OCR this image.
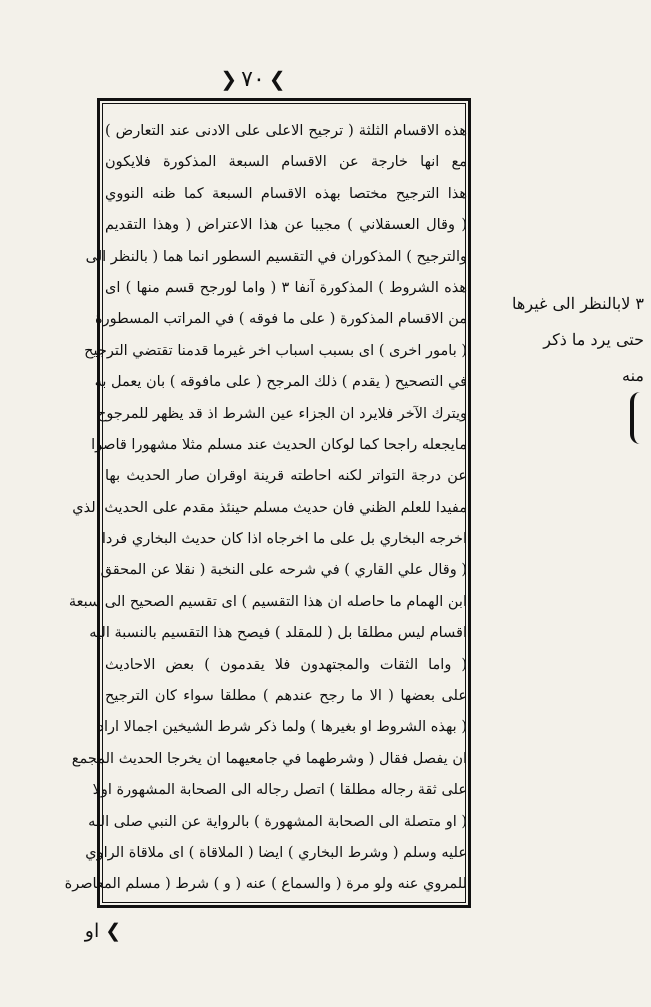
❯٧٠❮
هذه الاقسام الثلثة ( ترجيح الاعلى على الادنى عند التعارض )
مع انها خارجة عن الاقسام السبعة المذكورة فلايكون
هذا الترجيح مختصا بهذه الاقسام السبعة كما ظنه النووي
( وقال العسقلاني ) مجيبا عن هذا الاعتراض ( وهذا التقديم
والترجيح ) المذكوران في التقسيم السطور انما هما ( بالنظر الى
هذه الشروط ) المذكورة آنفا ٣ ( واما لورجح قسم منها ) اى
من الاقسام المذكورة ( على ما فوقه ) في المراتب المسطورة
( بامور اخرى ) اى بسبب اسباب اخر غيرما قدمنا تقتضي الترجيح
في التصحيح ( يقدم ) ذلك المرجح ( على مافوقه ) بان يعمل به
ويترك الآخر فلايرد ان الجزاء عين الشرط اذ قد يظهر للمرجوح
مايجعله راجحا كما لوكان الحديث عند مسلم مثلا مشهورا قاصرا
عن درجة التواتر لكنه احاطته قرينة اوقران صار الحديث بها
مفيدا للعلم الظني فان حديث مسلم حينئذ مقدم على الحديث الذي
اخرجه البخاري بل على ما اخرجاه اذا كان حديث البخاري فردا
( وقال علي القاري ) في شرحه على النخبة ( نقلا عن المحقق
ابن الهمام ما حاصله ان هذا التقسيم ) اى تقسيم الصحيح الى سبعة
اقسام ليس مطلقا بل ( للمقلد ) فيصح هذا التقسيم بالنسبة اليه
( واما الثقات والمجتهدون فلا يقدمون ) بعض الاحاديث
على بعضها ( الا ما رجح عندهم ) مطلقا سواء كان الترجيح
( بهذه الشروط او بغيرها ) ولما ذكر شرط الشيخين اجمالا اراد
ان يفصل فقال ( وشرطهما في جامعيهما ان يخرجا الحديث المجمع
على ثقة رجاله مطلقا ) اتصل رجاله الى الصحابة المشهورة اولا
( او متصلة الى الصحابة المشهورة ) بالرواية عن النبي صلى الله
عليه وسلم ( وشرط البخاري ) ايضا ( الملاقاة ) اى ملاقاة الراوي
للمروي عنه ولو مرة ( والسماع ) عنه ( و ) شرط ( مسلم المعاصرة
٣ لابالنظر الى غيرها
حتى يرد ما ذكر
منه
❯ او
